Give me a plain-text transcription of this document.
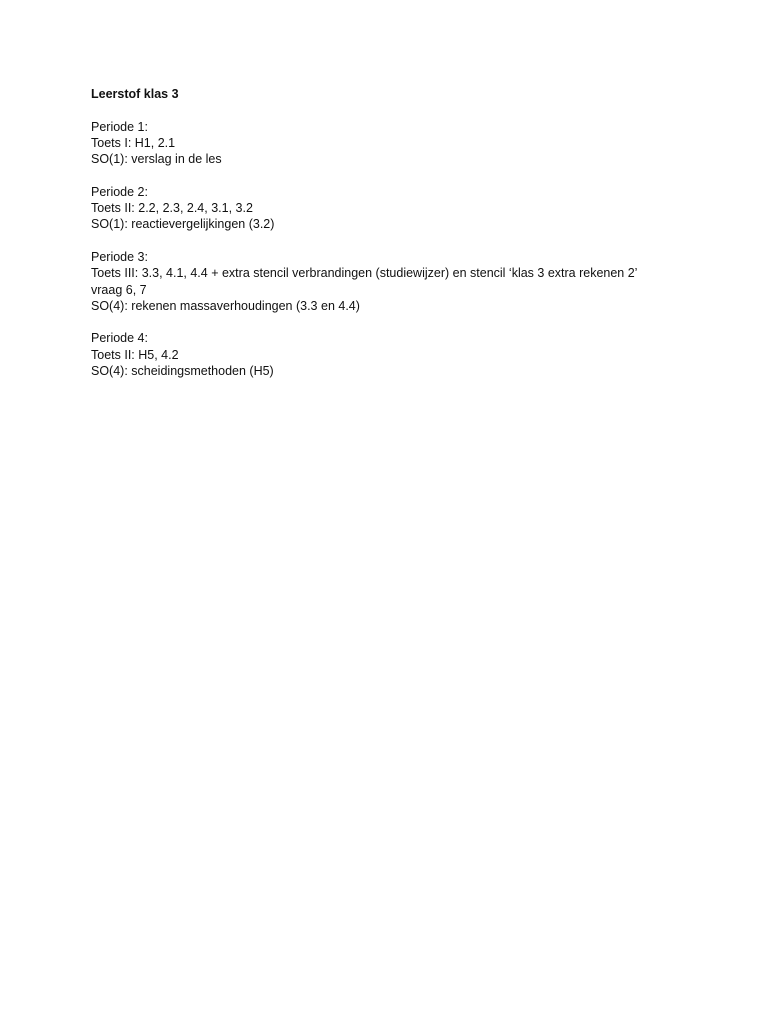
Leerstof klas 3

Periode 1:

Toets I: H1, 2.1

SO(1): verslag in de les

Periode 2:

Toets II: 2.2, 2.3, 2.4, 3.1, 3.2

SO(1): reactievergelijkingen (3.2)

Periode 3:

Toets III: 3.3, 4.1, 4.4 + extra stencil verbrandingen (studiewijzer) en stencil ‘klas 3 extra rekenen 2’

vraag 6, 7

SO(4): rekenen massaverhoudingen (3.3 en 4.4)

Periode 4:

Toets II: H5, 4.2

SO(4): scheidingsmethoden (H5)
